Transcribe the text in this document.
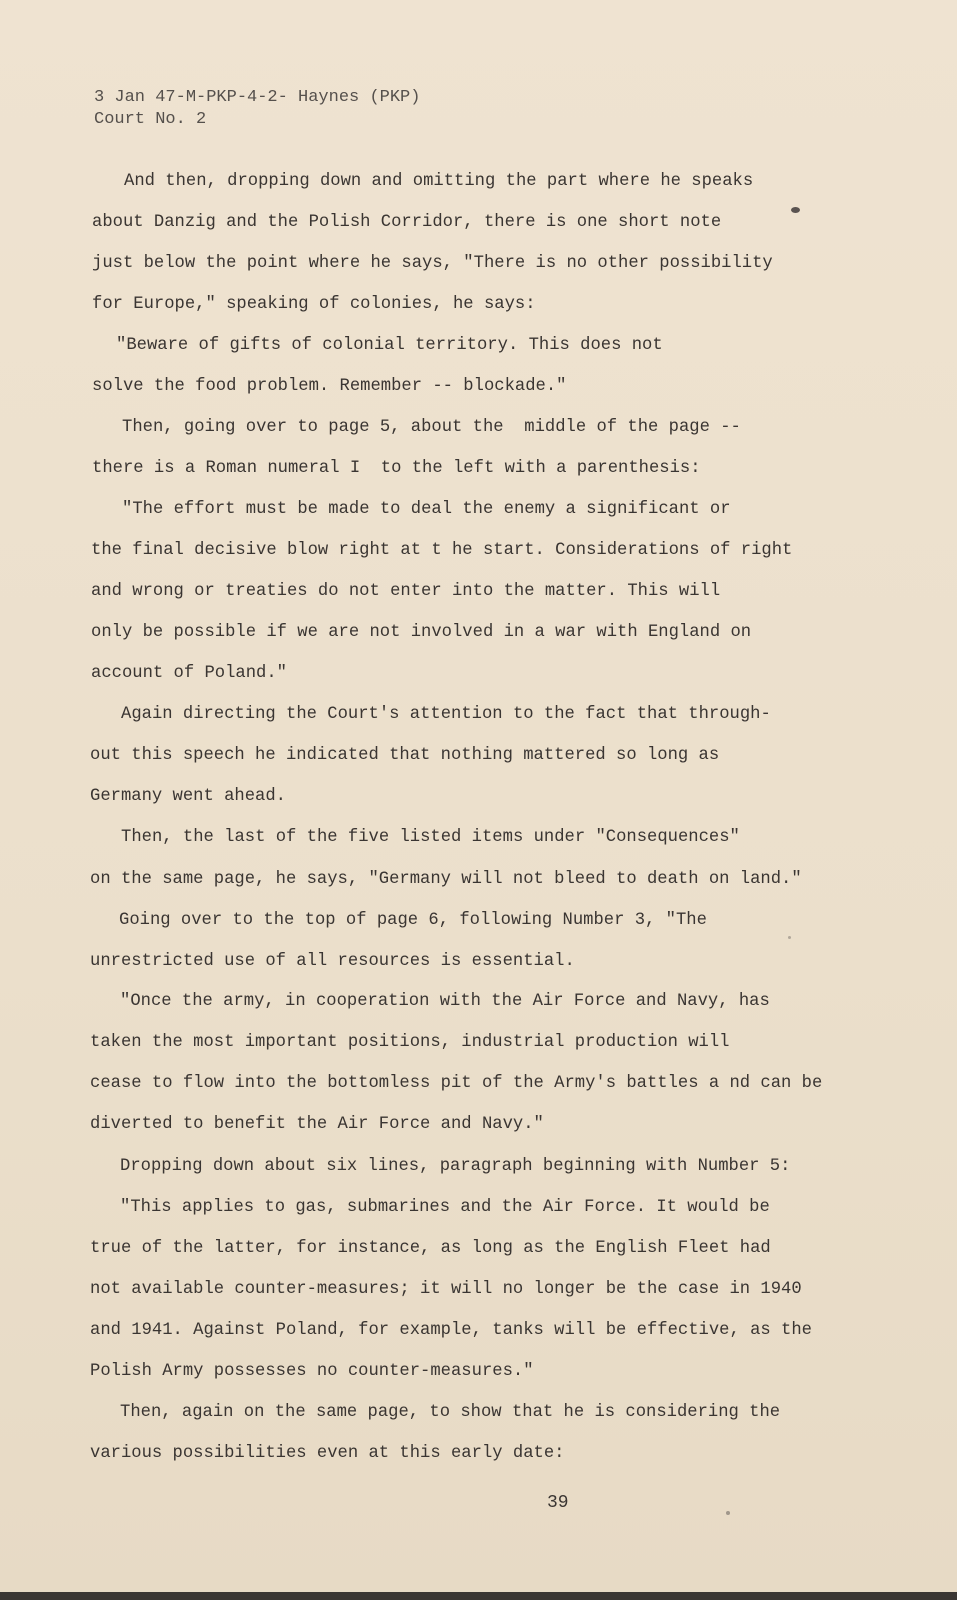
3 Jan 47-M-PKP-4-2- Haynes (PKP)
Court No. 2
And then, dropping down and omitting the part where he speaks
about Danzig and the Polish Corridor, there is one short note
just below the point where he says, "There is no other possibility
for Europe," speaking of colonies, he says:
"Beware of gifts of colonial territory. This does not
solve the food problem. Remember -- blockade."
Then, going over to page 5, about the  middle of the page --
there is a Roman numeral I  to the left with a parenthesis:
"The effort must be made to deal the enemy a significant or
the final decisive blow right at t he start. Considerations of right
and wrong or treaties do not enter into the matter. This will
only be possible if we are not involved in a war with England on
account of Poland."
Again directing the Court's attention to the fact that through-
out this speech he indicated that nothing mattered so long as
Germany went ahead.
Then, the last of the five listed items under "Consequences"
on the same page, he says, "Germany will not bleed to death on land."
Going over to the top of page 6, following Number 3, "The
unrestricted use of all resources is essential.
"Once the army, in cooperation with the Air Force and Navy, has
taken the most important positions, industrial production will
cease to flow into the bottomless pit of the Army's battles a nd can be
diverted to benefit the Air Force and Navy."
Dropping down about six lines, paragraph beginning with Number 5:
"This applies to gas, submarines and the Air Force. It would be
true of the latter, for instance, as long as the English Fleet had
not available counter-measures; it will no longer be the case in 1940
and 1941. Against Poland, for example, tanks will be effective, as the
Polish Army possesses no counter-measures."
Then, again on the same page, to show that he is considering the
various possibilities even at this early date:
39
